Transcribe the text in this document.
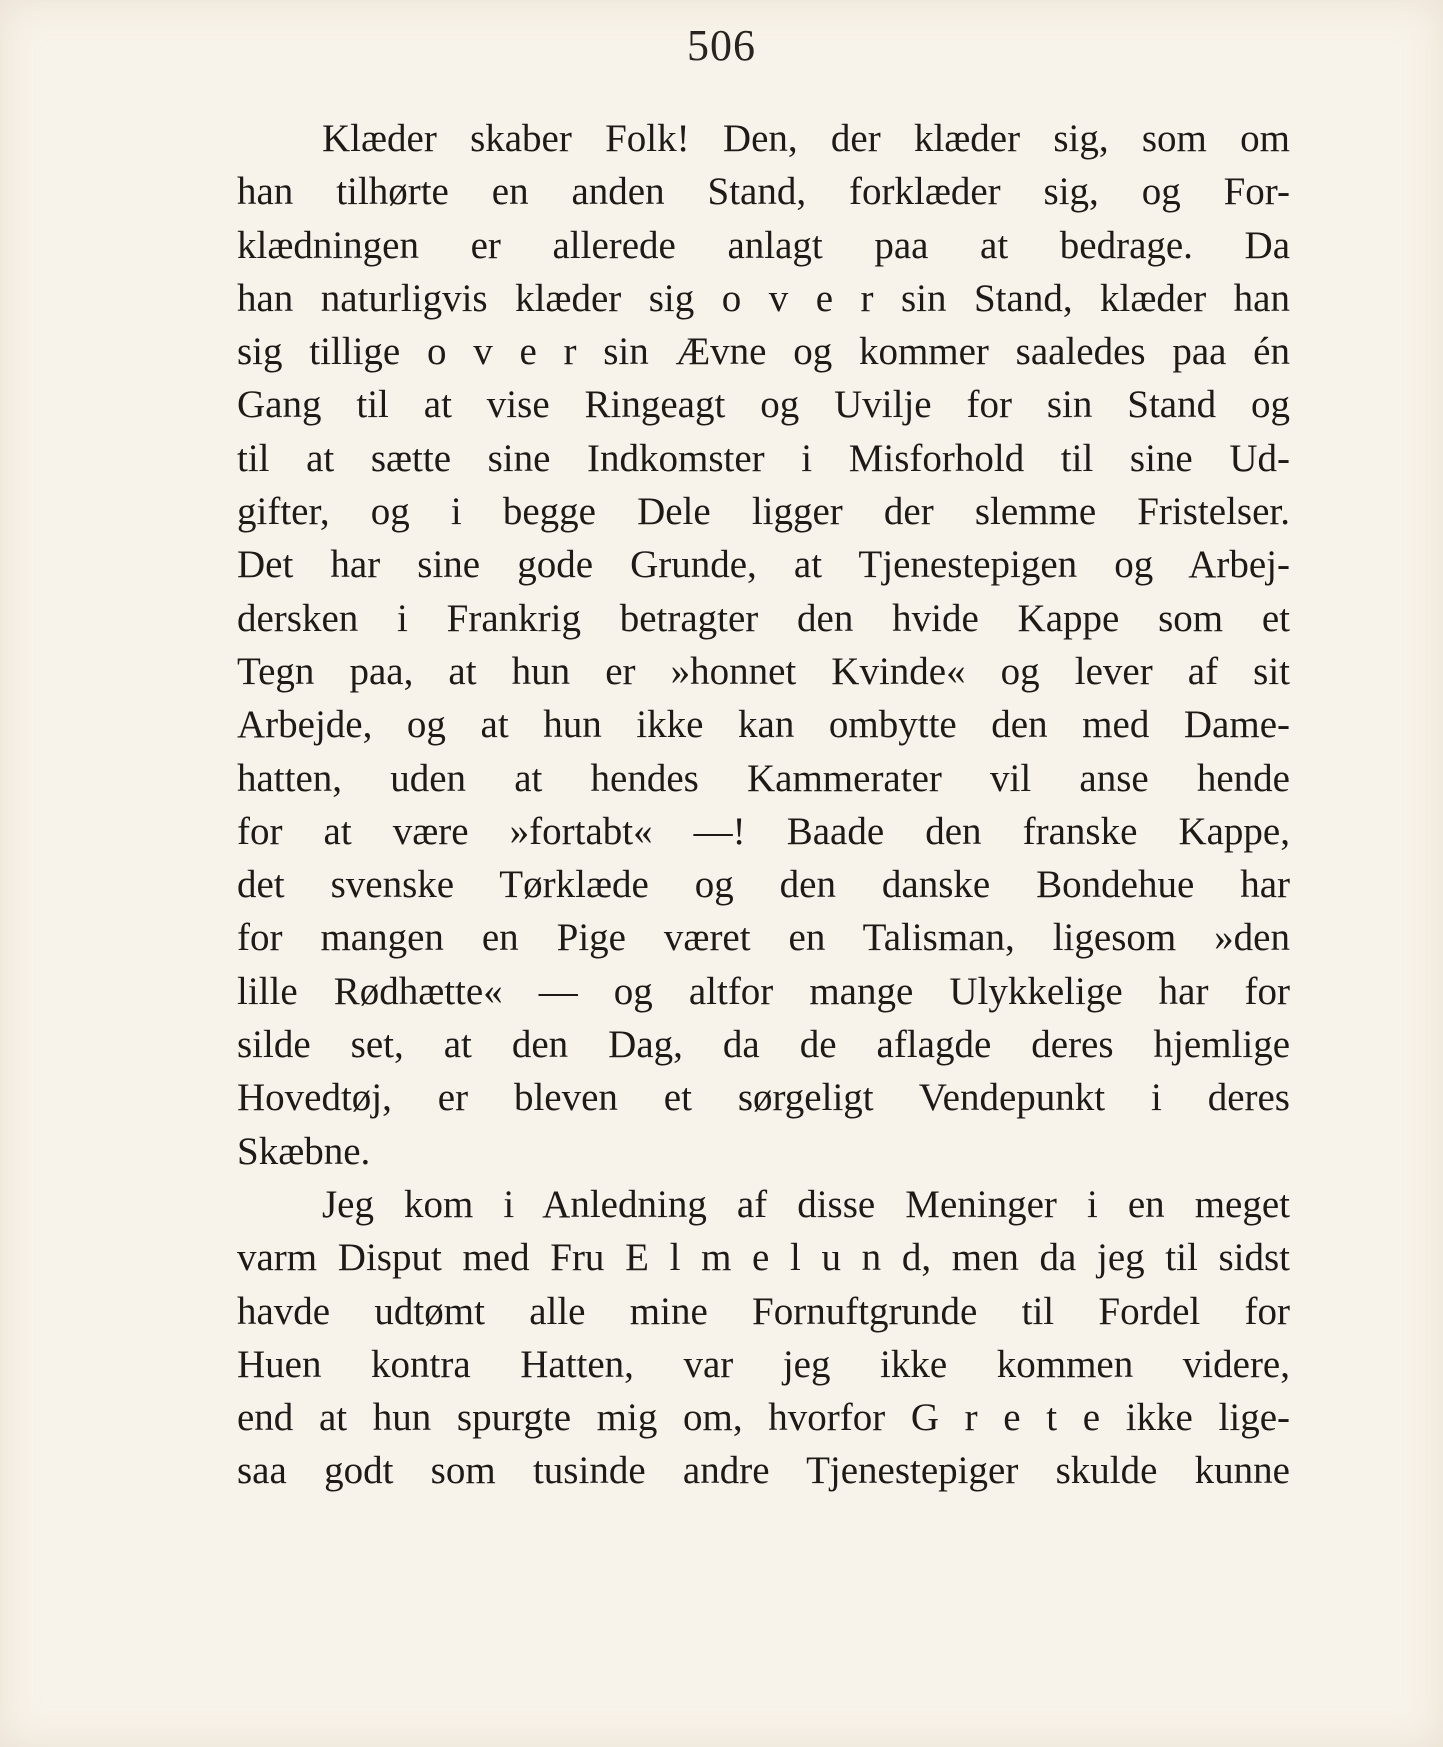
506
Klæder skaber Folk! Den, der klæder sig, som om
han tilhørte en anden Stand, forklæder sig, og For-
klædningen er allerede anlagt paa at bedrage. Da
han naturligvis klæder sig o v e r sin Stand, klæder han
sig tillige o v e r sin Ævne og kommer saaledes paa én
Gang til at vise Ringeagt og Uvilje for sin Stand og
til at sætte sine Indkomster i Misforhold til sine Ud-
gifter, og i begge Dele ligger der slemme Fristelser.
Det har sine gode Grunde, at Tjenestepigen og Arbej-
dersken i Frankrig betragter den hvide Kappe som et
Tegn paa, at hun er »honnet Kvinde« og lever af sit
Arbejde, og at hun ikke kan ombytte den med Dame-
hatten, uden at hendes Kammerater vil anse hende
for at være »fortabt« —! Baade den franske Kappe,
det svenske Tørklæde og den danske Bondehue har
for mangen en Pige været en Talisman, ligesom »den
lille Rødhætte« — og altfor mange Ulykkelige har for
silde set, at den Dag, da de aflagde deres hjemlige
Hovedtøj, er bleven et sørgeligt Vendepunkt i deres
Skæbne.
Jeg kom i Anledning af disse Meninger i en meget
varm Disput med Fru E l m e l u n d, men da jeg til sidst
havde udtømt alle mine Fornuftgrunde til Fordel for
Huen kontra Hatten, var jeg ikke kommen videre,
end at hun spurgte mig om, hvorfor G r e t e ikke lige-
saa godt som tusinde andre Tjenestepiger skulde kunne
